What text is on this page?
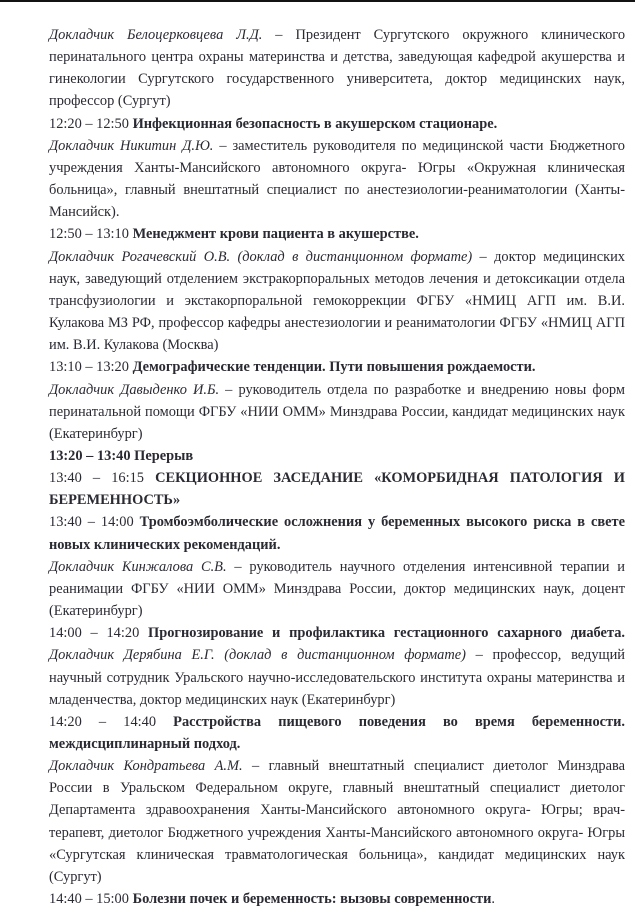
Докладчик Белоцерковцева Л.Д. – Президент Сургутского окружного клинического перинатального центра охраны материнства и детства, заведующая кафедрой акушерства и гинекологии Сургутского государственного университета, доктор медицинских наук, профессор (Сургут)

12:20 – 12:50 Инфекционная безопасность в акушерском стационаре.

Докладчик Никитин Д.Ю. – заместитель руководителя по медицинской части Бюджетного учреждения Ханты-Мансийского автономного округа- Югры «Окружная клиническая больница», главный внештатный специалист по анестезиологии-реаниматологии (Ханты-Мансийск).

12:50 – 13:10 Менеджмент крови пациента в акушерстве.

Докладчик Рогачевский О.В. (доклад в дистанционном формате) – доктор медицинских наук, заведующий отделением экстракорпоральных методов лечения и детоксикации отдела трансфузиологии и экстакорпоральной гемокоррекции ФГБУ «НМИЦ АГП им. В.И. Кулакова МЗ РФ, профессор кафедры анестезиологии и реаниматологии ФГБУ «НМИЦ АГП им. В.И. Кулакова (Москва)

13:10 – 13:20 Демографические тенденции. Пути повышения рождаемости.

Докладчик Давыденко И.Б. – руководитель отдела по разработке и внедрению новы форм перинатальной помощи ФГБУ «НИИ ОММ» Минздрава России, кандидат медицинских наук (Екатеринбург)

13:20 – 13:40 Перерыв

13:40 – 16:15 СЕКЦИОННОЕ ЗАСЕДАНИЕ «КОМОРБИДНАЯ ПАТОЛОГИЯ И БЕРЕМЕННОСТЬ»

13:40 – 14:00 Тромбоэмболические осложнения у беременных высокого риска в свете новых клинических рекомендаций.

Докладчик Кинжалова С.В. – руководитель научного отделения интенсивной терапии и реанимации ФГБУ «НИИ ОММ» Минздрава России, доктор медицинских наук, доцент (Екатеринбург)

14:00 – 14:20 Прогнозирование и профилактика гестационного сахарного диабета. Докладчик Дерябина Е.Г. (доклад в дистанционном формате) – профессор, ведущий научный сотрудник Уральского научно-исследовательского института охраны материнства и младенчества, доктор медицинских наук (Екатеринбург)

14:20 – 14:40 Расстройства пищевого поведения во время беременности. междисциплинарный подход.

Докладчик Кондратьева А.М. – главный внештатный специалист диетолог Минздрава России в Уральском Федеральном округе, главный внештатный специалист диетолог Департамента здравоохранения Ханты-Мансийского автономного округа- Югры; врач-терапевт, диетолог Бюджетного учреждения Ханты-Мансийского автономного округа- Югры «Сургутская клиническая травматологическая больница», кандидат медицинских наук (Сургут)

14:40 – 15:00 Болезни почек и беременность: вызовы современности.
